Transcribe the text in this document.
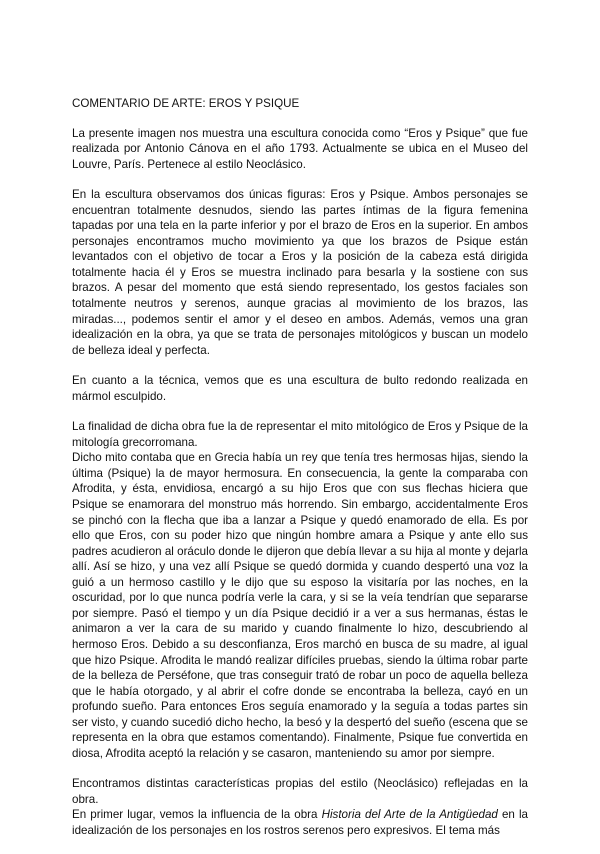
COMENTARIO DE ARTE: EROS Y PSIQUE

La presente imagen nos muestra una escultura conocida como “Eros y Psique” que fue realizada por Antonio Cánova en el año 1793. Actualmente se ubica en el Museo del Louvre, París. Pertenece al estilo Neoclásico.

En la escultura observamos dos únicas figuras: Eros y Psique. Ambos personajes se encuentran totalmente desnudos, siendo las partes íntimas de la figura femenina tapadas por una tela en la parte inferior y por el brazo de Eros en la superior. En ambos personajes encontramos mucho movimiento ya que los brazos de Psique están levantados con el objetivo de tocar a Eros y la posición de la cabeza está dirigida totalmente hacia él y Eros se muestra inclinado para besarla y la sostiene con sus brazos. A pesar del momento que está siendo representado, los gestos faciales son totalmente neutros y serenos, aunque gracias al movimiento de los brazos, las miradas..., podemos sentir el amor y el deseo en ambos. Además, vemos una gran idealización en la obra, ya que se trata de personajes mitológicos y buscan un modelo de belleza ideal y perfecta.

En cuanto a la técnica, vemos que es una escultura de bulto redondo realizada en mármol esculpido.

La finalidad de dicha obra fue la de representar el mito mitológico de Eros y Psique de la mitología grecorromana.

Dicho mito contaba que en Grecia había un rey que tenía tres hermosas hijas, siendo la última (Psique) la de mayor hermosura. En consecuencia, la gente la comparaba con Afrodita, y ésta, envidiosa, encargó a su hijo Eros que con sus flechas hiciera que Psique se enamorara del monstruo más horrendo. Sin embargo, accidentalmente Eros se pinchó con la flecha que iba a lanzar a Psique y quedó enamorado de ella. Es por ello que Eros, con su poder hizo que ningún hombre amara a Psique y ante ello sus padres acudieron al oráculo donde le dijeron que debía llevar a su hija al monte y dejarla allí. Así se hizo, y una vez allí Psique se quedó dormida y cuando despertó una voz la guió a un hermoso castillo y le dijo que su esposo la visitaría por las noches, en la oscuridad, por lo que nunca podría verle la cara, y si se la veía tendrían que separarse por siempre. Pasó el tiempo y un día Psique decidió ir a ver a sus hermanas, éstas le animaron a ver la cara de su marido y cuando finalmente lo hizo, descubriendo al hermoso Eros. Debido a su desconfianza, Eros marchó en busca de su madre, al igual que hizo Psique. Afrodita le mandó realizar difíciles pruebas, siendo la última robar parte de la belleza de Perséfone, que tras conseguir trató de robar un poco de aquella belleza que le había otorgado, y al abrir el cofre donde se encontraba la belleza, cayó en un profundo sueño. Para entonces Eros seguía enamorado y la seguía a todas partes sin ser visto, y cuando sucedió dicho hecho, la besó y la despertó del sueño (escena que se representa en la obra que estamos comentando). Finalmente, Psique fue convertida en diosa, Afrodita aceptó la relación y se casaron, manteniendo su amor por siempre.

Encontramos distintas características propias del estilo (Neoclásico) reflejadas en la obra.

En primer lugar, vemos la influencia de la obra Historia del Arte de la Antigüedad en la idealización de los personajes en los rostros serenos pero expresivos. El tema más
